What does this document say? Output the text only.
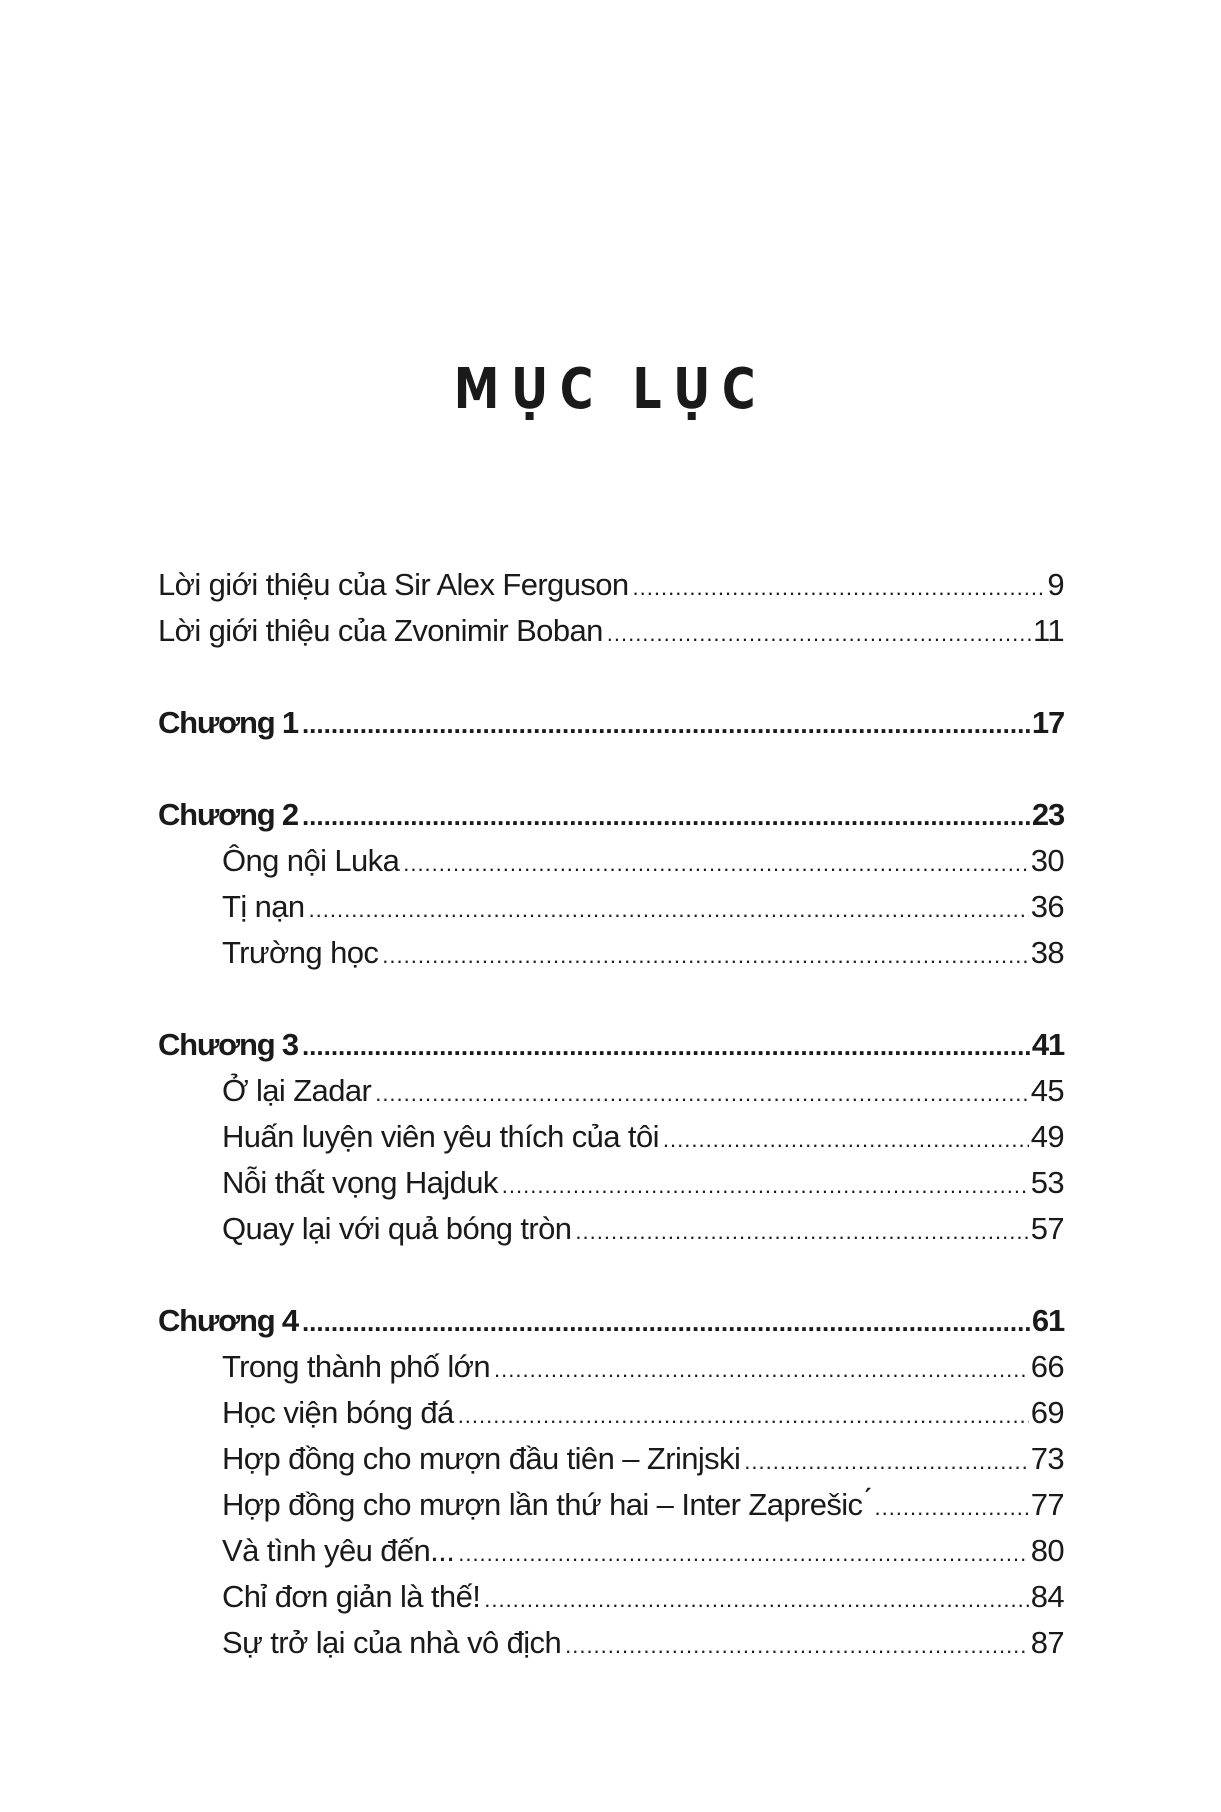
MỤC LỤC
Lời giới thiệu của Sir Alex Ferguson .....	9
Lời giới thiệu của Zvonimir Boban .....	11
Chương 1 .....	17
Chương 2 .....	23
Ông nội Luka .....	30
Tị nạn .....	36
Trường học .....	38
Chương 3 .....	41
Ở lại Zadar .....	45
Huấn luyện viên yêu thích của tôi .....	49
Nỗi thất vọng Hajduk .....	53
Quay lại với quả bóng tròn .....	57
Chương 4 .....	61
Trong thành phố lớn .....	66
Học viện bóng đá .....	69
Hợp đồng cho mượn đầu tiên – Zrinjski .....	73
Hợp đồng cho mượn lần thứ hai – Inter Zaprešic ́ .....	77
Và tình yêu đến... .....	80
Chỉ đơn giản là thế! .....	84
Sự trở lại của nhà vô địch .....	87
